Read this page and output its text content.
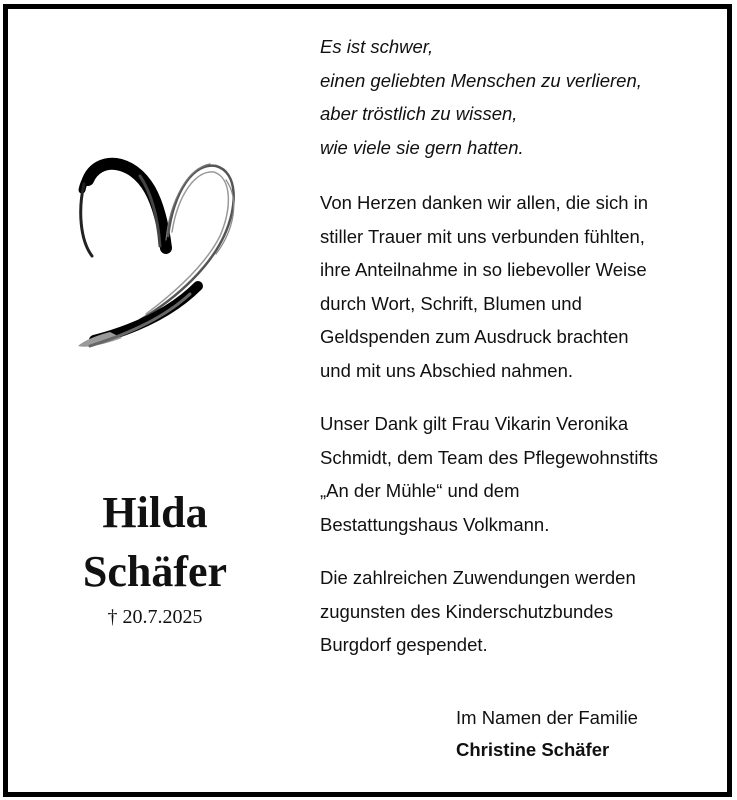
Hilda
Schäfer
† 20.7.2025
Es ist schwer,
einen geliebten Menschen zu verlieren,
aber tröstlich zu wissen,
wie viele sie gern hatten.
Von Herzen danken wir allen, die sich in
stiller Trauer mit uns verbunden fühlten,
ihre Anteilnahme in so liebevoller Weise
durch Wort, Schrift, Blumen und
Geldspenden zum Ausdruck brachten
und mit uns Abschied nahmen.
Unser Dank gilt Frau Vikarin Veronika
Schmidt, dem Team des Pflegewohnstifts
„An der Mühle“ und dem
Bestattungshaus Volkmann.
Die zahlreichen Zuwendungen werden
zugunsten des Kinderschutzbundes
Burgdorf gespendet.
Im Namen der Familie
Christine Schäfer
